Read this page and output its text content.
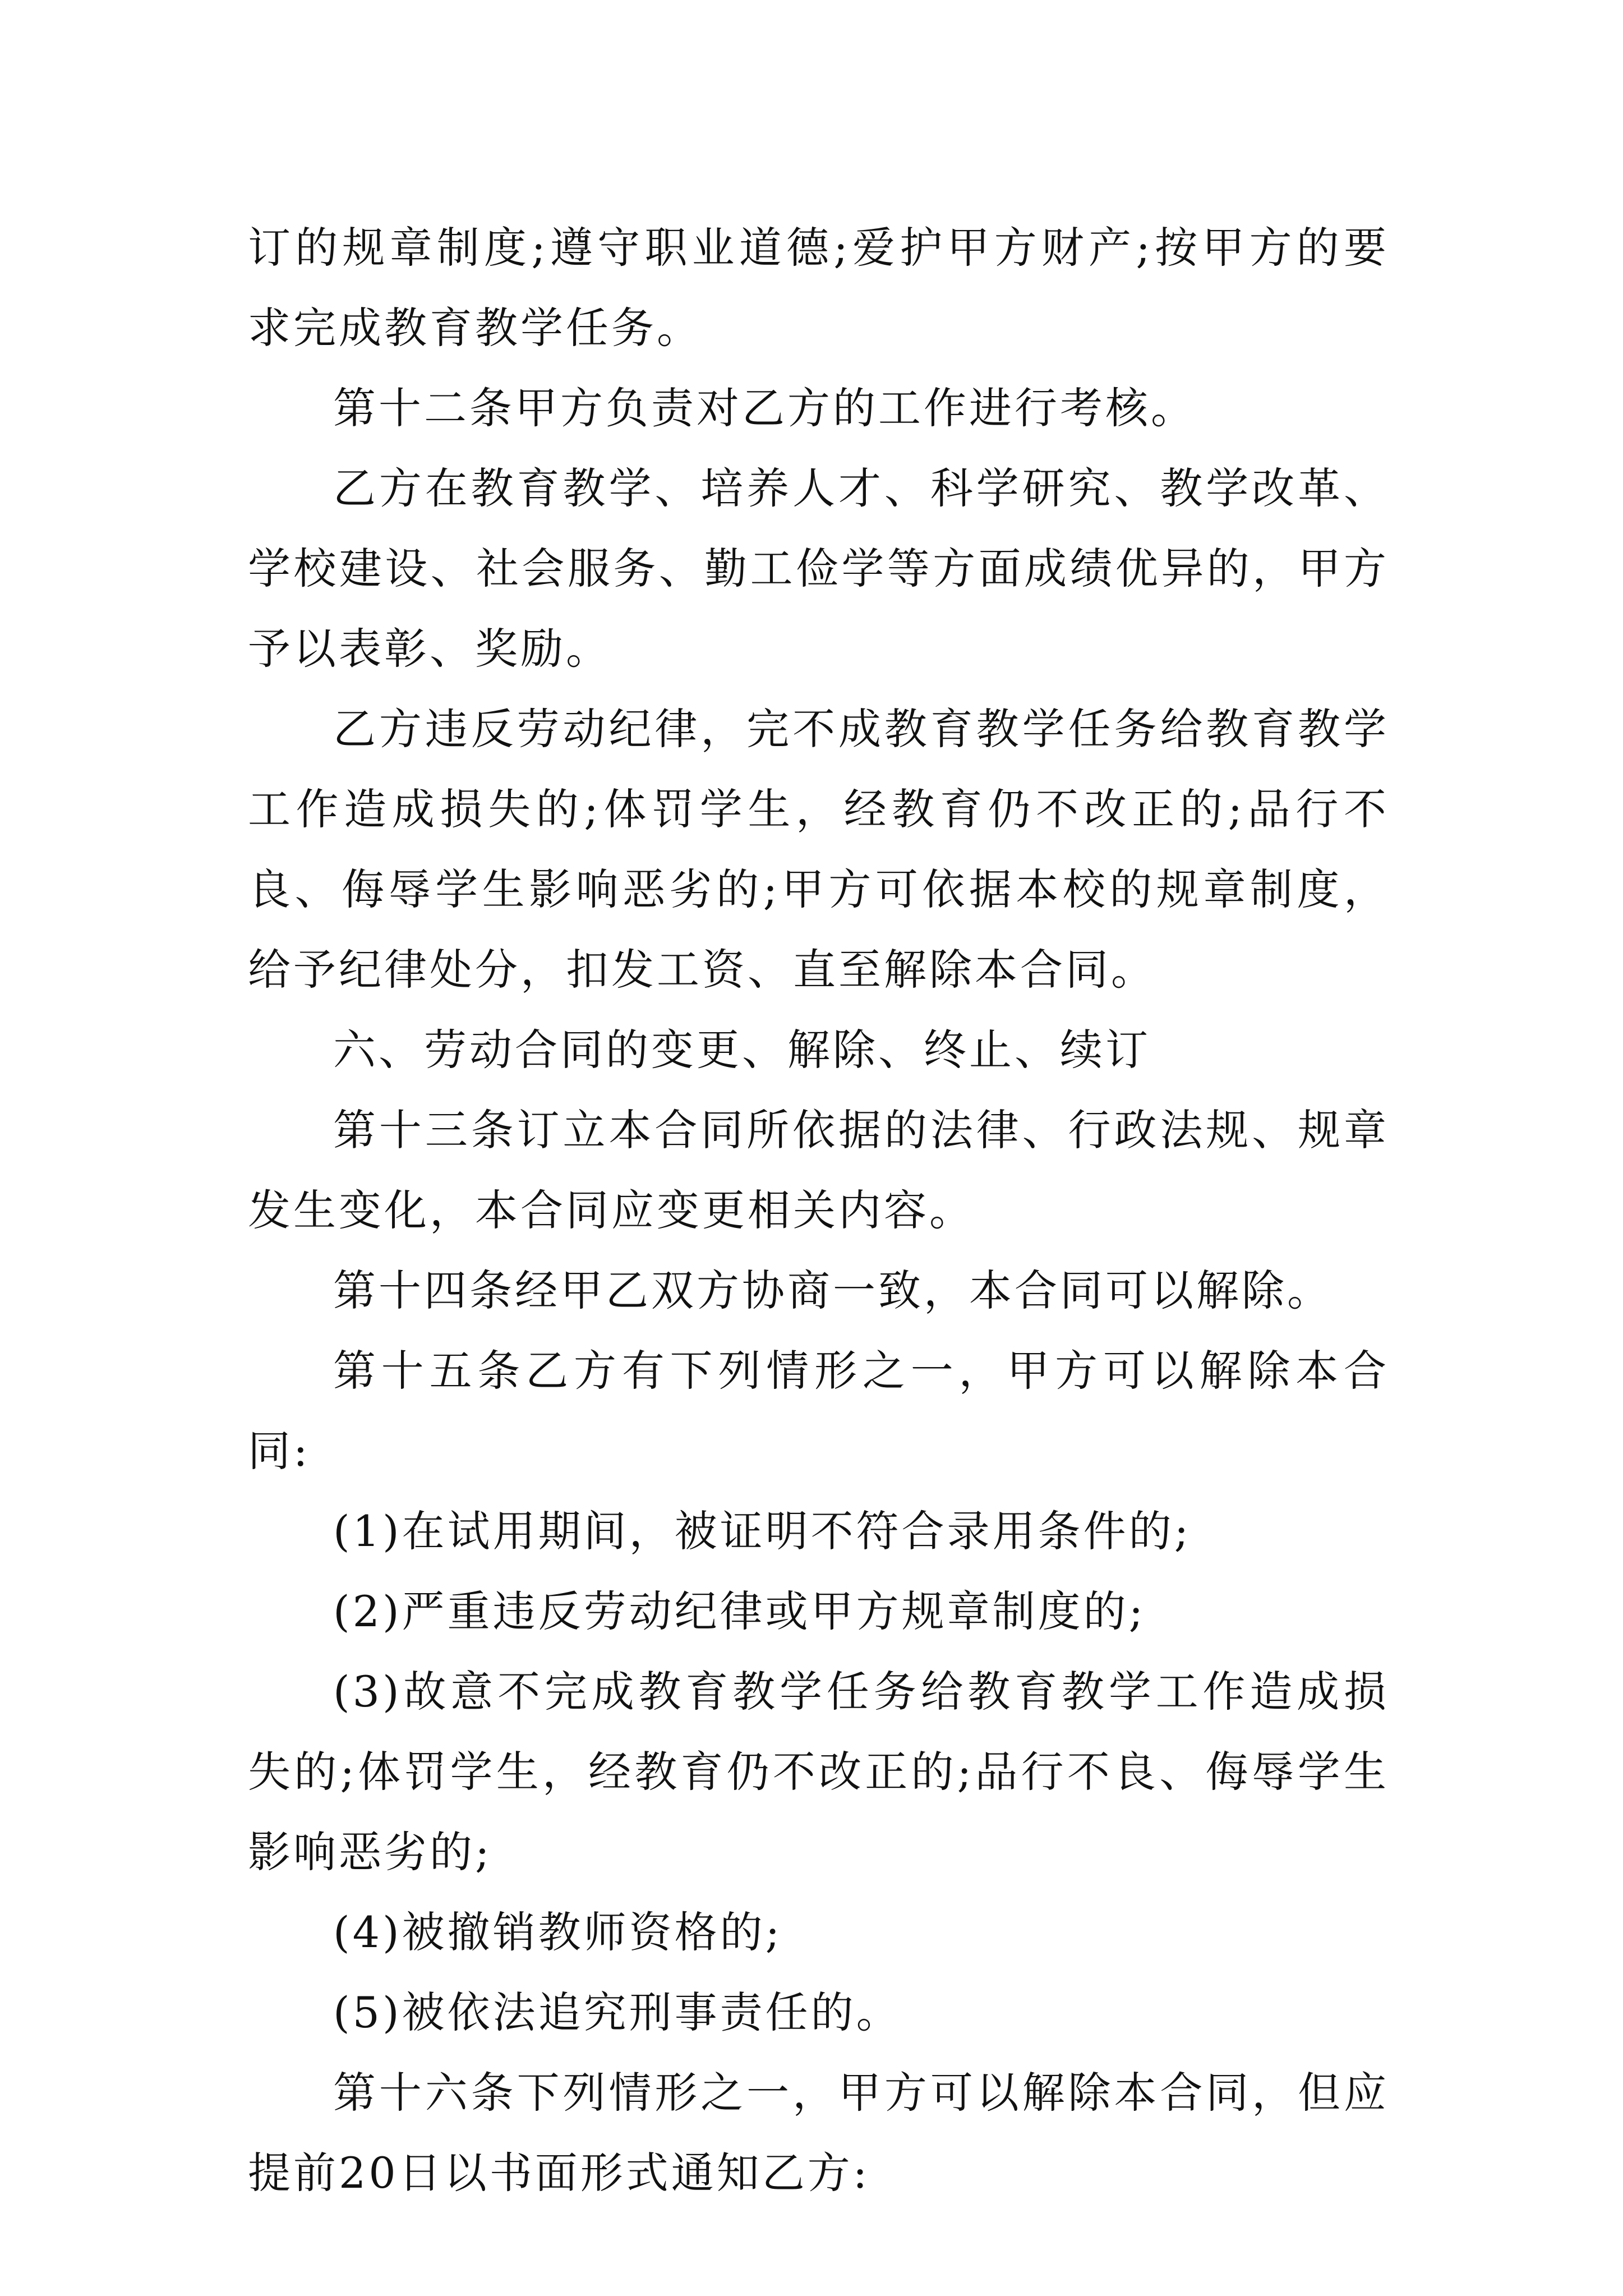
订的规章制度;遵守职业道德;爱护甲方财产;按甲方的要求完成教育教学任务。

第十二条甲方负责对乙方的工作进行考核。

乙方在教育教学、培养人才、科学研究、教学改革、学校建设、社会服务、勤工俭学等方面成绩优异的，甲方予以表彰、奖励。

乙方违反劳动纪律，完不成教育教学任务给教育教学工作造成损失的;体罚学生，经教育仍不改正的;品行不良、侮辱学生影响恶劣的;甲方可依据本校的规章制度，给予纪律处分，扣发工资、直至解除本合同。

六、劳动合同的变更、解除、终止、续订

第十三条订立本合同所依据的法律、行政法规、规章发生变化，本合同应变更相关内容。

第十四条经甲乙双方协商一致，本合同可以解除。

第十五条乙方有下列情形之一，甲方可以解除本合同:

(1)在试用期间，被证明不符合录用条件的;

(2)严重违反劳动纪律或甲方规章制度的;

(3)故意不完成教育教学任务给教育教学工作造成损失的;体罚学生，经教育仍不改正的;品行不良、侮辱学生影响恶劣的;

(4)被撤销教师资格的;

(5)被依法追究刑事责任的。

第十六条下列情形之一，甲方可以解除本合同，但应提前20日以书面形式通知乙方:
